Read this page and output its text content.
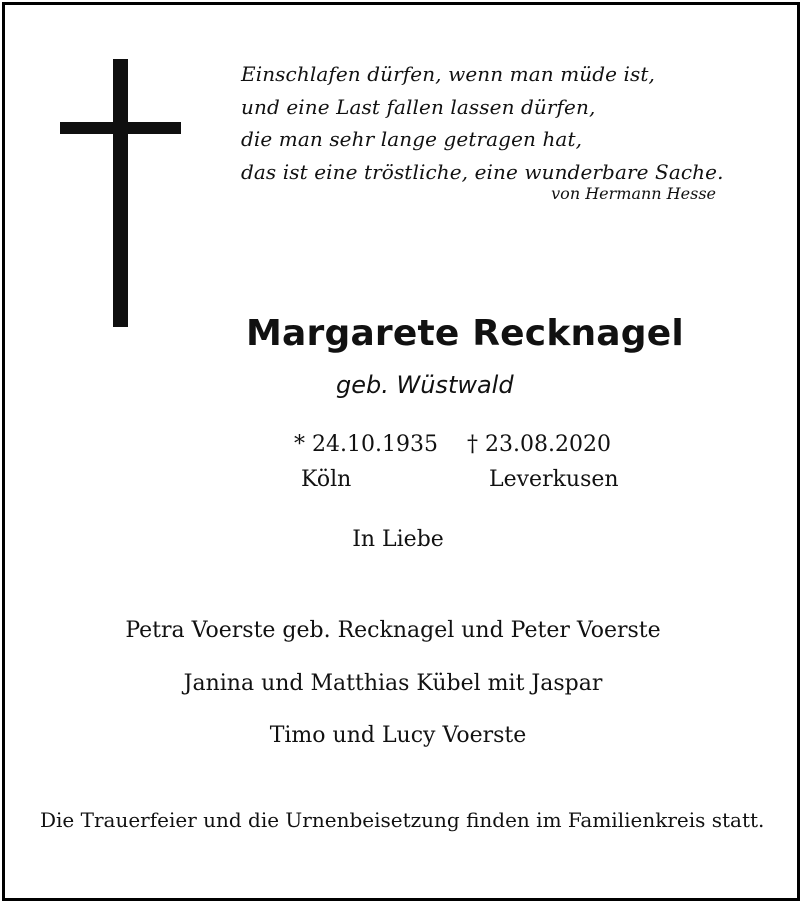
Einschlafen dürfen, wenn man müde ist,
und eine Last fallen lassen dürfen,
die man sehr lange getragen hat,
das ist eine tröstliche, eine wunderbare Sache.
von Hermann Hesse
Margarete Recknagel
geb. Wüstwald
* 24.10.1935 † 23.08.2020
Köln	Leverkusen
In Liebe
Petra Voerste geb. Recknagel und Peter Voerste
Janina und Matthias Kübel mit Jaspar
Timo und Lucy Voerste
Die Trauerfeier und die Urnenbeisetzung finden im Familienkreis statt.
